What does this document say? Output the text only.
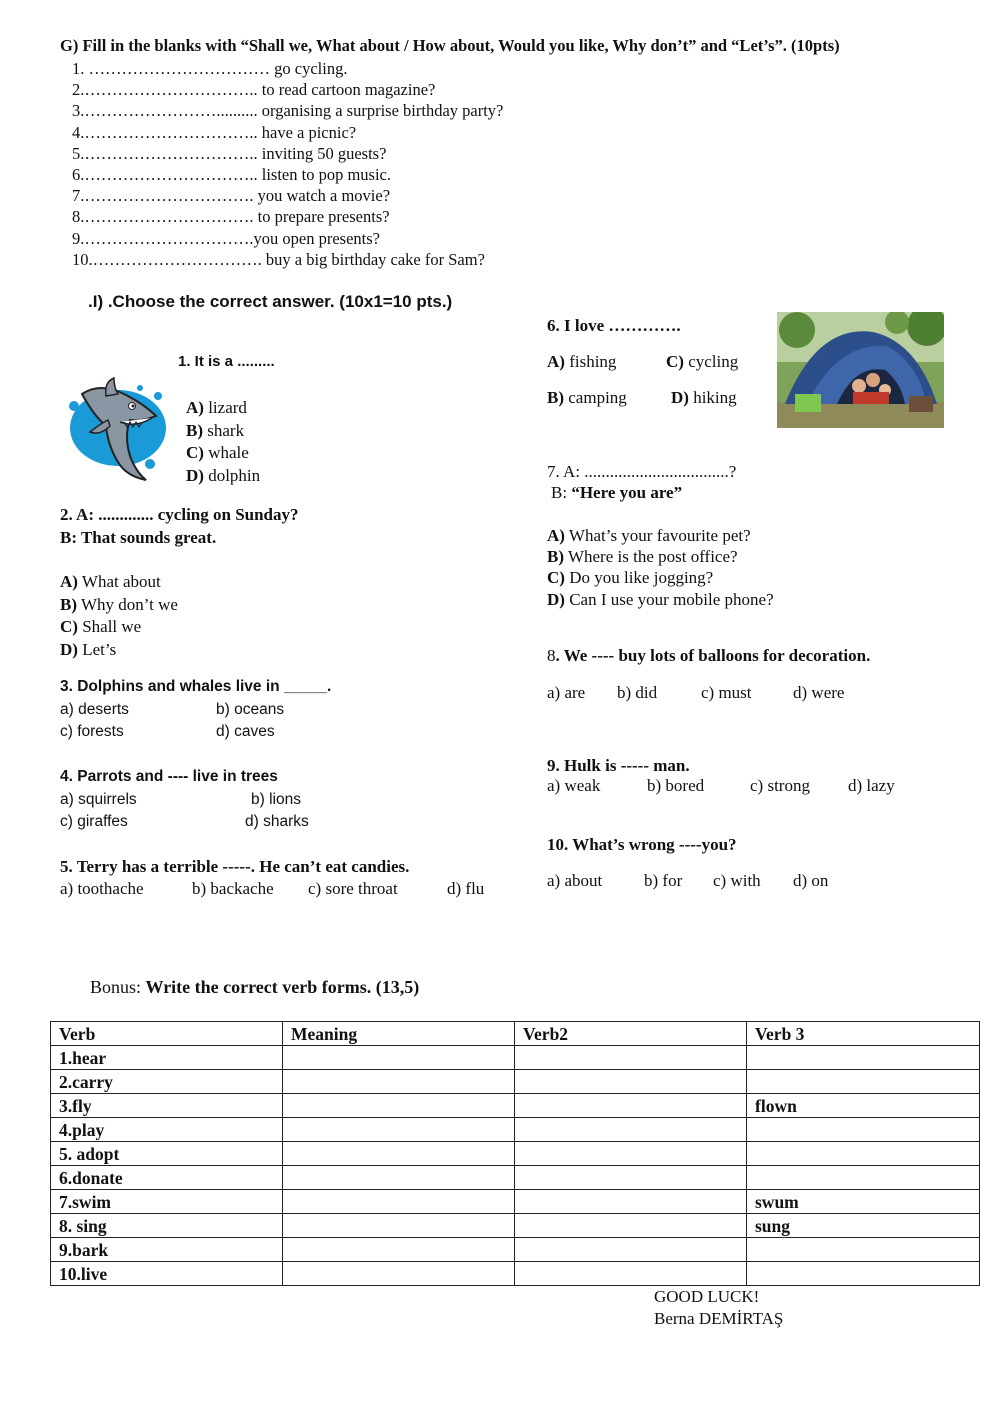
G) Fill in the blanks with “Shall we, What about / How about, Would you like, Why don’t” and “Let’s”. (10pts)
1. …………………………… go cycling.
2.………………………….. to read cartoon magazine?
3.…………………….......... organising a surprise birthday party?
4.………………………….. have a picnic?
5.………………………….. inviting 50 guests?
6.………………………….. listen to pop music.
7.…………………………. you watch a movie?
8.…………………………. to prepare presents?
9.………………………….you open presents?
10.…………………………. buy a big birthday cake for Sam?
.I) .Choose the correct answer. (10x1=10 pts.)
1. It is a .........
A) lizard
B) shark
C) whale
D) dolphin
2. A: ............. cycling on Sunday?
B: That sounds great.
A) What about
B) Why don’t we
C) Shall we
D) Let’s
3. Dolphins and whales live in _____.
a) deserts	b) oceans
c) forests	d) caves
4. Parrots and ---- live in trees
a) squirrels	b) lions
c) giraffes	d) sharks
5. Terry has a terrible -----. He can’t eat candies.
a) toothache	b) backache c) sore throat	d) flu
6. I love ………….
A) fishing	C) cycling
B) camping	D) hiking
7. A: ..................................?
B: “Here you are”
A) What’s your favourite pet?
B) Where is the post office?
C) Do you like jogging?
D) Can I use your mobile phone?
8. We ---- buy lots of balloons for decoration.
a) are b) did	c) must d) were
9. Hulk is ----- man.
a) weak	b) bored	c) strong d) lazy
10. What’s wrong ----you?
a) about b) for c) with d) on
Bonus: Write the correct verb forms. (13,5)
Verb	Meaning	Verb2	Verb 3
1.hear			
2.carry			
3.fly			flown
4.play			
5. adopt			
6.donate			
7.swim			swum
8. sing			sung
9.bark			
10.live			
GOOD LUCK!
Berna DEMİRTAŞ
